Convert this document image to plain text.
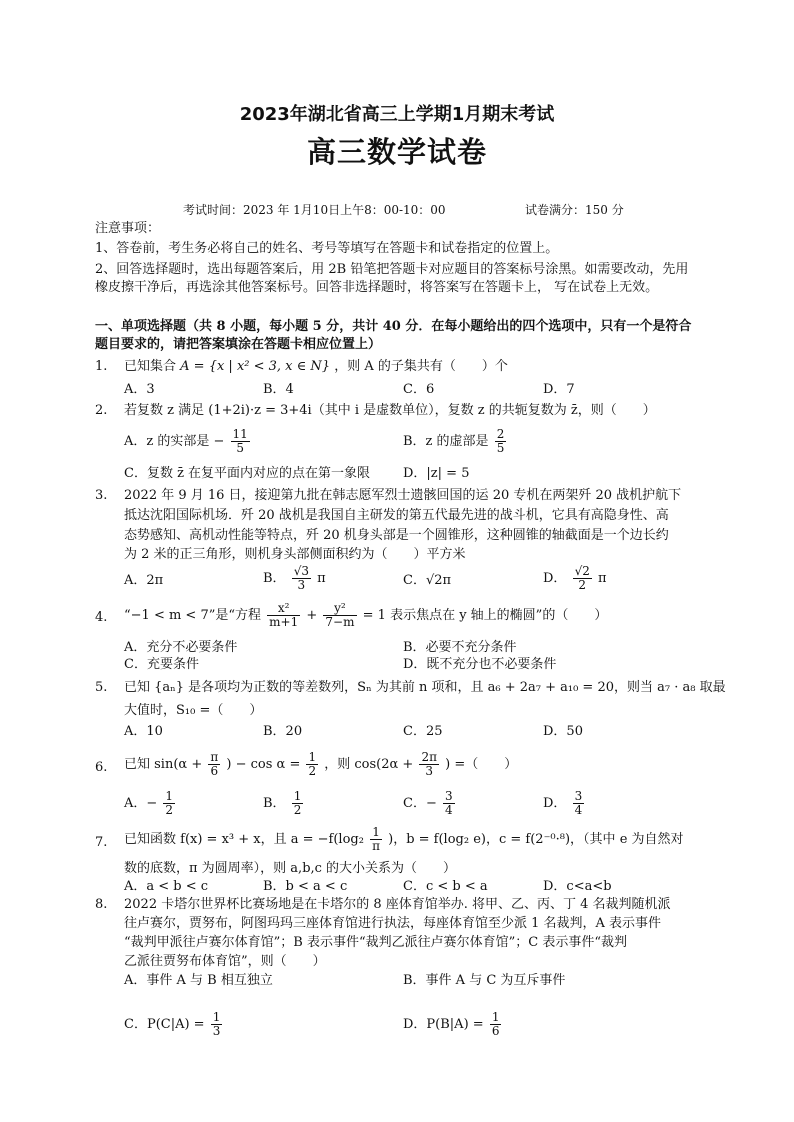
2023年湖北省高三上学期1月期末考试
高三数学试卷
考试时间：2023 年 1月10日上午8：00-10：00	试卷满分：150 分
注意事项：
1、答卷前，考生务必将自己的姓名、考号等填写在答题卡和试卷指定的位置上。
2、回答选择题时，选出每题答案后，用 2B 铅笔把答题卡对应题目的答案标号涂黑。如需要改动，先用
橡皮擦干净后，再选涂其他答案标号。回答非选择题时，将答案写在答题卡上， 写在试卷上无效。
一、单项选择题（共 8 小题，每小题 5 分，共计 40 分．在每小题给出的四个选项中，只有一个是符合
题目要求的，请把答案填涂在答题卡相应位置上）
1. 已知集合 A = {x | x² < 3, x ∈ N} ，则 A 的子集共有（　　）个
A．3	B．4	C．6	D．7
2. 若复数 z 满足 (1+2i)·z = 3+4i（其中 i 是虚数单位），复数 z 的共轭复数为 z̄，则（　　）
A．z 的实部是 − $\frac{11}{5}$	B．z 的虚部是 $\frac{2}{5}$
C．复数 z̄ 在复平面内对应的点在第一象限	D．|z| = 5
3. 2022 年 9 月 16 日，接迎第九批在韩志愿军烈士遗骸回国的运 20 专机在两架歼 20 战机护航下
抵达沈阳国际机场．歼 20 战机是我国自主研发的第五代最先进的战斗机，它具有高隐身性、高
态势感知、高机动性能等特点，歼 20 机身头部是一个圆锥形，这种圆锥的轴截面是一个边长约
为 2 米的正三角形，则机身头部侧面积约为（　　）平方米
A．2π	B． $\frac{√3}{3}$ π	C．√2π	D． $\frac{√2}{2}$ π
4. “−1 < m < 7”是“方程 $\frac{\text{x²}}{m+1} + \frac{\text{y²}}{7-m} = 1$ 表示焦点在 y 轴上的椭圆”的（　　）
A．充分不必要条件	B．必要不充分条件
C．充要条件	D．既不充分也不必要条件
5. 已知 {aₙ} 是各项均为正数的等差数列，Sₙ 为其前 n 项和，且 a₆ + 2a₇ + a₁₀ = 20，则当 a₇ · a₈ 取最
大值时，S₁₀ =（　　）
A．10	B．20	C．25	D．50
6. 已知 $\sin(\alpha + \frac{\pi}{6}$ ) − $\cos \alpha = \frac{1}{2}$ ，则 $\cos(2\alpha + \frac{2\pi}{3}$ ) =（　　）
A．− $\frac{1}{2}$	B． $\frac{1}{2}$	C．− $\frac{3}{4}$	D． $\frac{3}{4}$
7. 已知函数 f(x) = x³ + x，且 $a = -f(\log_2 \frac{1}{\pi}$ )，b = f(log₂ e)，c = f(2⁻⁰·⁸)，（其中 e 为自然对
数的底数，π 为圆周率），则 a,b,c 的大小关系为（　　）
A．a < b < c	B．b < a < c	C．c < b < a	D．c<a<b
8. 2022 卡塔尔世界杯比赛场地是在卡塔尔的 8 座体育馆举办. 将甲、乙、丙、丁 4 名裁判随机派
往卢赛尔，贾努布，阿图玛玛三座体育馆进行执法，每座体育馆至少派 1 名裁判，A 表示事件
“裁判甲派往卢赛尔体育馆”；B 表示事件“裁判乙派往卢赛尔体育馆”；C 表示事件“裁判
乙派往贾努布体育馆”，则（　　）
A．事件 A 与 B 相互独立	B．事件 A 与 C 为互斥事件
C．$P(C|A) = \frac{1}{3}$	D．$P(B|A) = \frac{1}{6}$
